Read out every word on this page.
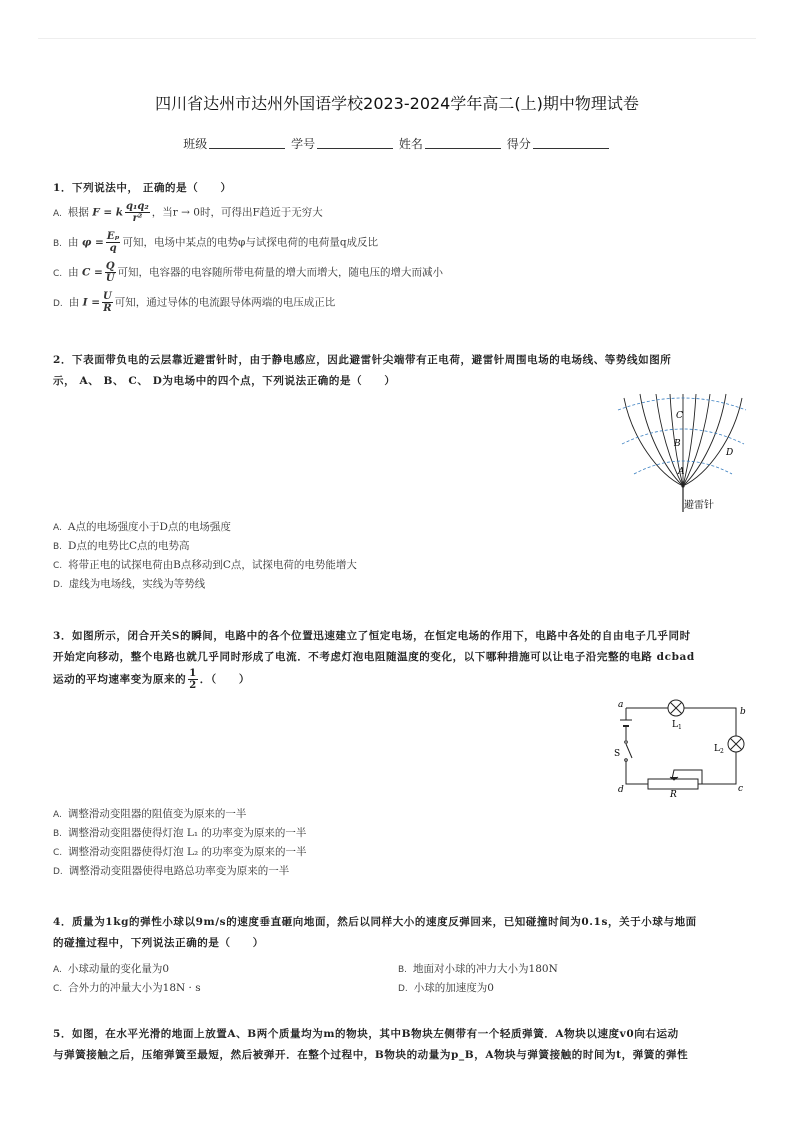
四川省达州市达州外国语学校2023-2024学年高二(上)期中物理试卷
班级	学号	姓名	得分
1．下列说法中， 正确的是（　　）
A. 根据 F = k $\frac{\text{q₁q₂}}{\text{r²}}$ ，当r → 0时，可得出F趋近于无穷大
B. 由 $\varphi = \frac{\text{Eₚ}}{q}$ 可知，电场中某点的电势φ与试探电荷的电荷量q成反比
C. 由 $C = \frac{Q}{U}$ 可知，电容器的电容随所带电荷量的增大而增大，随电压的增大而减小
D. 由 $I = \frac{U}{R}$ 可知，通过导体的电流跟导体两端的电压成正比
2．下表面带负电的云层靠近避雷针时，由于静电感应，因此避雷针尖端带有正电荷，避雷针周围电场的电场线、等势线如图所
示， A、 B、 C、 D为电场中的四个点，下列说法正确的是（　　）
C
B
A
D
避雷针
A. A点的电场强度小于D点的电场强度
B. D点的电势比C点的电势高
C. 将带正电的试探电荷由B点移动到C点，试探电荷的电势能增大
D. 虚线为电场线，实线为等势线
3．如图所示，闭合开关S的瞬间，电路中的各个位置迅速建立了恒定电场，在恒定电场的作用下，电路中各处的自由电子几乎同时
开始定向移动，整个电路也就几乎同时形成了电流．不考虑灯泡电阻随温度的变化，以下哪种措施可以让电子沿完整的电路 dcbad
运动的平均速率变为原来的 $\frac{1}{2}$ ．（　　）
a
b
c
d
$L_1$
$L_2$
S
R
A. 调整滑动变阻器的阻值变为原来的一半
B. 调整滑动变阻器使得灯泡 L₁ 的功率变为原来的一半
C. 调整滑动变阻器使得灯泡 L₂ 的功率变为原来的一半
D. 调整滑动变阻器使得电路总功率变为原来的一半
4．质量为1kg的弹性小球以9m/s的速度垂直砸向地面，然后以同样大小的速度反弹回来，已知碰撞时间为0.1s，关于小球与地面
的碰撞过程中，下列说法正确的是（　　）
A. 小球动量的变化量为0
C. 合外力的冲量大小为18N · s
B. 地面对小球的冲力大小为180N
D. 小球的加速度为0
5．如图，在水平光滑的地面上放置A、B两个质量均为m的物块，其中B物块左侧带有一个轻质弹簧．A物块以速度v0向右运动
与弹簧接触之后，压缩弹簧至最短，然后被弹开．在整个过程中，B物块的动量为p_B，A物块与弹簧接触的时间为t，弹簧的弹性
